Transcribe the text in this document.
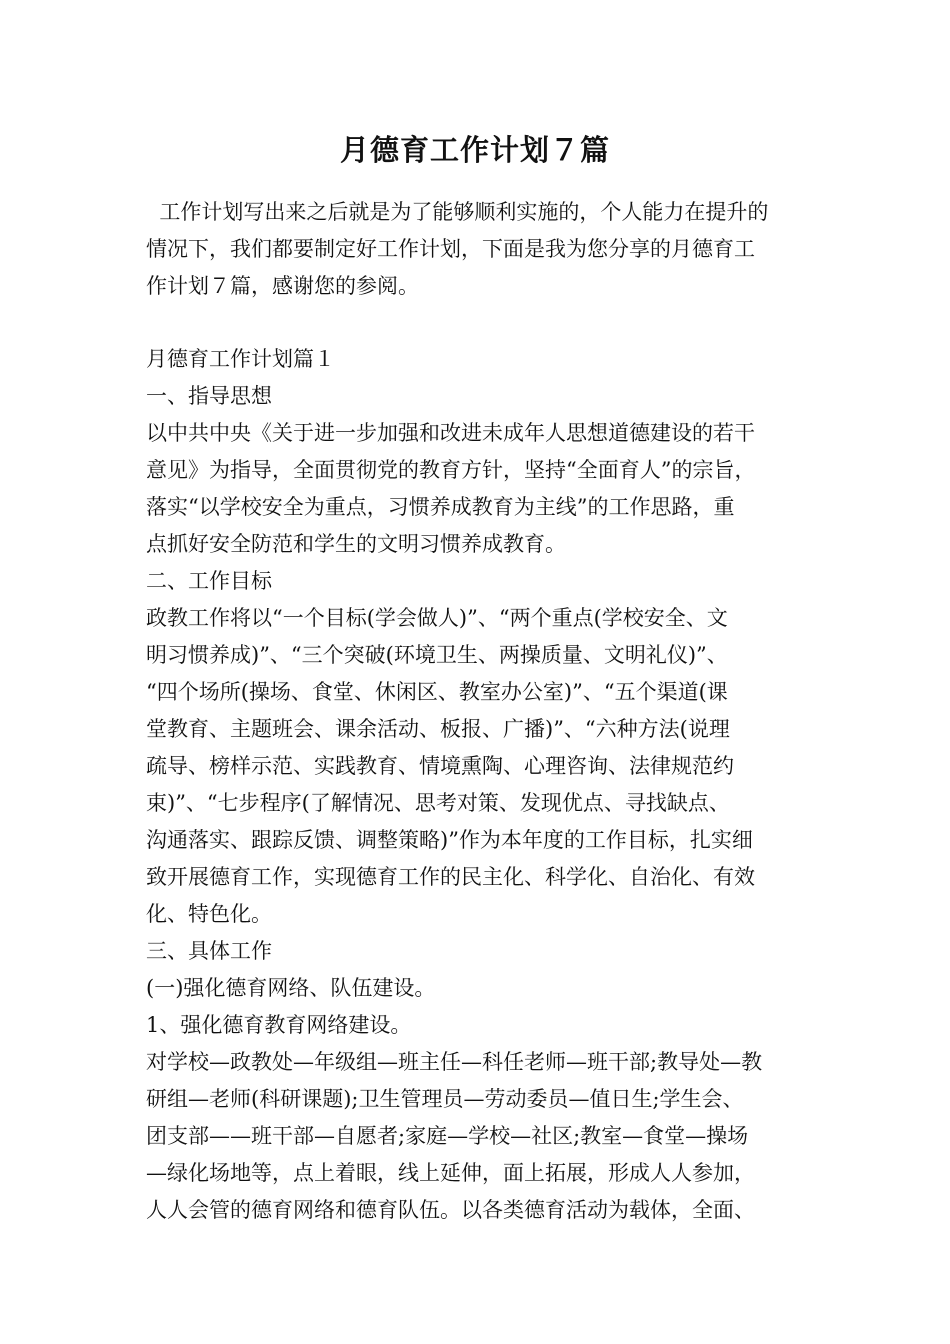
月德育工作计划７篇
工作计划写出来之后就是为了能够顺利实施的，个人能力在提升的
情况下，我们都要制定好工作计划，下面是我为您分享的月德育工
作计划７篇，感谢您的参阅。
月德育工作计划篇１
一、指导思想
以中共中央《关于进一步加强和改进未成年人思想道德建设的若干
意见》为指导，全面贯彻党的教育方针，坚持“全面育人”的宗旨，
落实“以学校安全为重点，习惯养成教育为主线”的工作思路，重
点抓好安全防范和学生的文明习惯养成教育。
二、工作目标
政教工作将以“一个目标(学会做人)”、“两个重点(学校安全、文
明习惯养成)”、“三个突破(环境卫生、两操质量、文明礼仪)”、
“四个场所(操场、食堂、休闲区、教室办公室)”、“五个渠道(课
堂教育、主题班会、课余活动、板报、广播)”、“六种方法(说理
疏导、榜样示范、实践教育、情境熏陶、心理咨询、法律规范约
束)”、“七步程序(了解情况、思考对策、发现优点、寻找缺点、
沟通落实、跟踪反馈、调整策略)”作为本年度的工作目标，扎实细
致开展德育工作，实现德育工作的民主化、科学化、自治化、有效
化、特色化。
三、具体工作
(一)强化德育网络、队伍建设。
1、强化德育教育网络建设。
对学校—政教处—年级组—班主任—科任老师—班干部;教导处—教
研组—老师(科研课题);卫生管理员—劳动委员—值日生;学生会、
团支部——班干部—自愿者;家庭—学校—社区;教室—食堂—操场
—绿化场地等，点上着眼，线上延伸，面上拓展，形成人人参加，
人人会管的德育网络和德育队伍。以各类德育活动为载体，全面、
